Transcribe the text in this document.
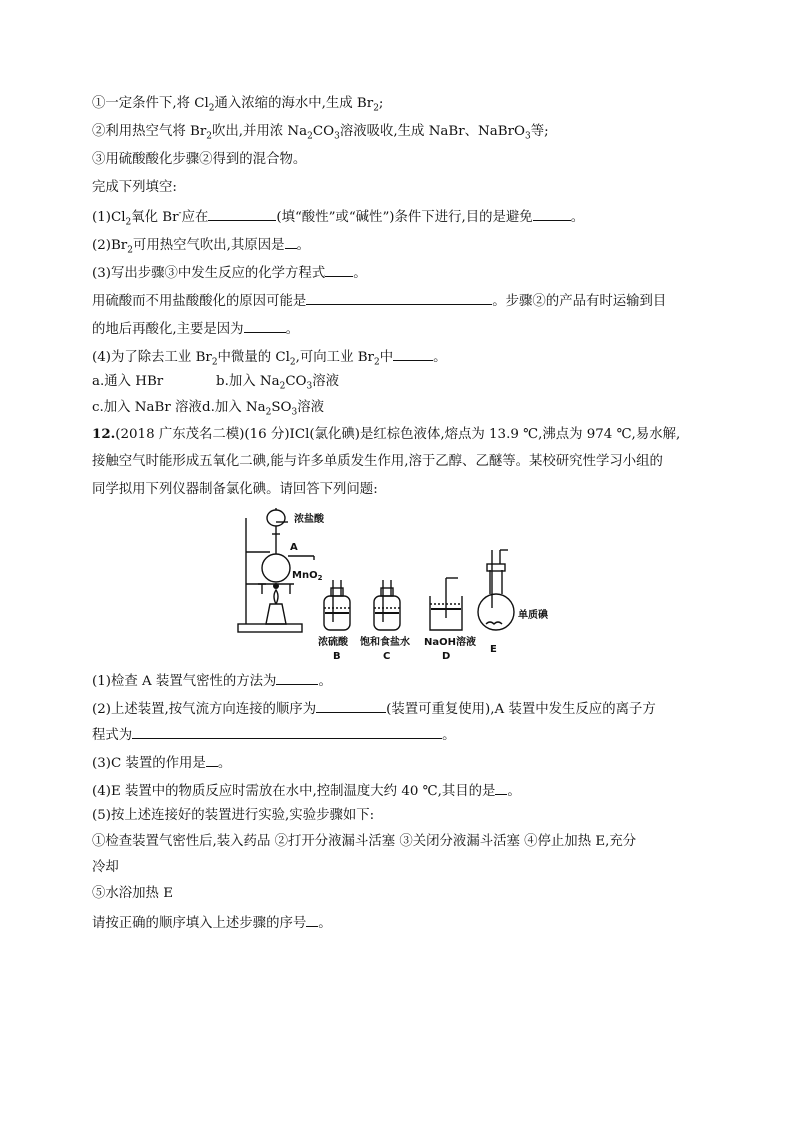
①一定条件下,将 $Cl_2$通入浓缩的海水中,生成 $Br_2$;
②利用热空气将 $Br_2$吹出,并用浓 $Na_2CO_3$溶液吸收,生成 NaBr、NaBrO$_3$等;
③用硫酸酸化步骤②得到的混合物。
完成下列填空:
$(1)Cl_2$氧化 Br-应在	(填“酸性”或“碱性”)条件下进行,目的是避免	。
$(2)Br_2$可用热空气吹出,其原因是 。
(3)写出步骤③中发生反应的化学方程式 。
用硫酸而不用盐酸酸化的原因可能是	。步骤②的产品有时运输到目
的地后再酸化,主要是因为	。
(4)为了除去工业 $Br_2$中微量的 $Cl_2$,可向工业 $Br_2$中	。
a.通入 HBr	b.加入 $Na_2CO_3$溶液
c.加入 NaBr 溶液d.加入 $Na_2SO_3$溶液
12.(2018 广东茂名二模)(16 分)ICl(氯化碘)是红棕色液体,熔点为 13.9 ℃,沸点为 974 ℃,易水解,
接触空气时能形成五氧化二碘,能与许多单质发生作用,溶于乙醇、乙醚等。某校研究性学习小组的
同学拟用下列仪器制备氯化碘。请回答下列问题:
浓盐酸
A
MnO$_2$
浓硫酸
B
饱和食盐水
C
NaOH溶液
D
E
单质碘
(1)检查 A 装置气密性的方法为	。
(2)上述装置,按气流方向连接的顺序为	(装置可重复使用),A 装置中发生反应的离子方
程式为	。
(3)C 装置的作用是 。
(4)E 装置中的物质反应时需放在水中,控制温度大约 40 ℃,其目的是 。
(5)按上述连接好的装置进行实验,实验步骤如下:
①检查装置气密性后,装入药品 ②打开分液漏斗活塞 ③关闭分液漏斗活塞 ④停止加热 E,充分
冷却
⑤水浴加热 E
请按正确的顺序填入上述步骤的序号 。
